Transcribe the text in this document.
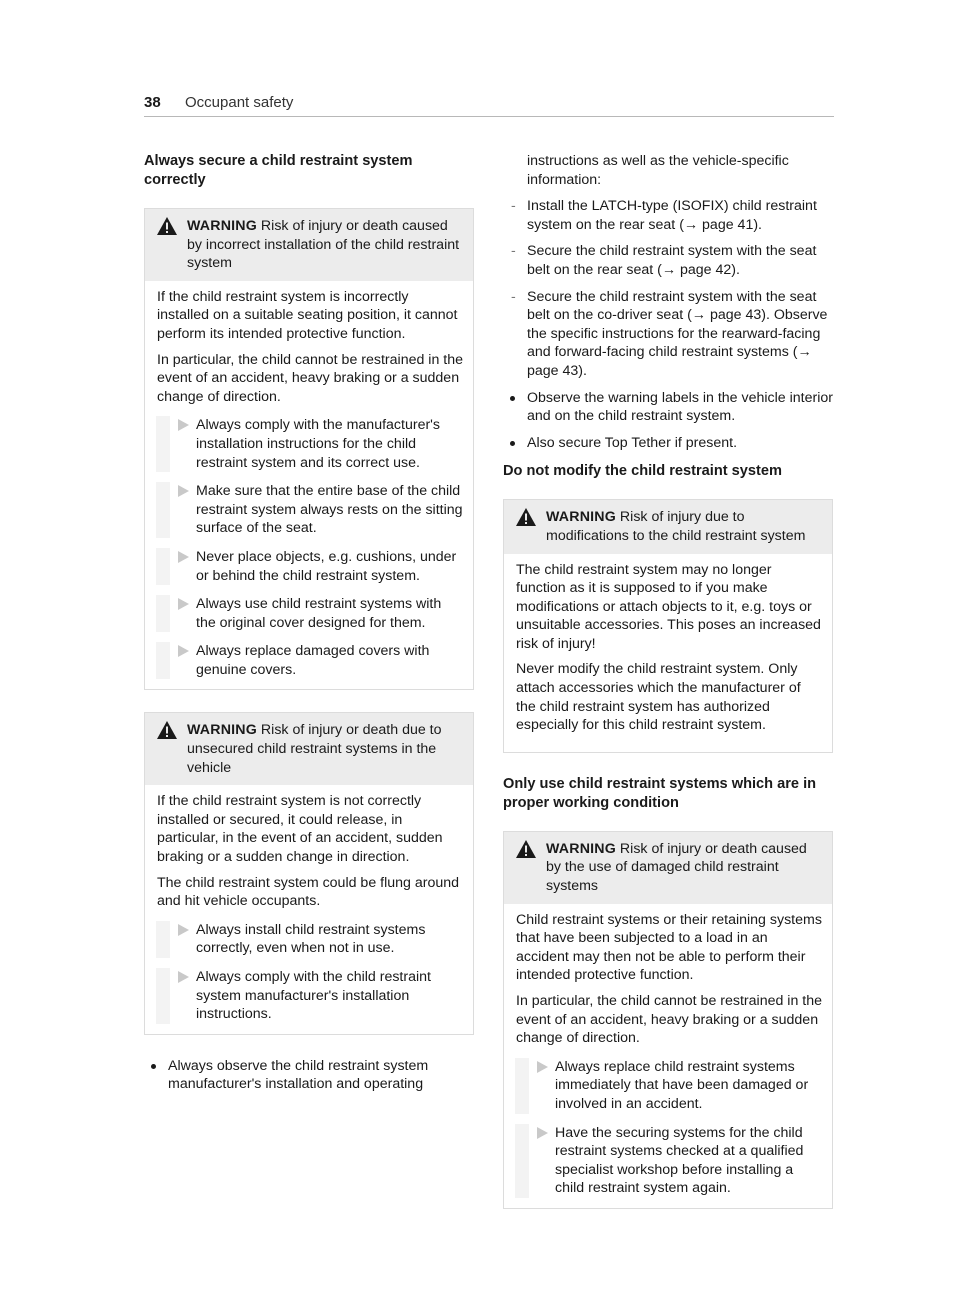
38 Occupant safety
Always secure a child restraint system correctly
WARNING Risk of injury or death caused by incorrect installation of the child restraint system

If the child restraint system is incorrectly installed on a suitable seating position, it cannot perform its intended protective function.

In particular, the child cannot be restrained in the event of an accident, heavy braking or a sudden change of direction.

Always comply with the manufacturer's installation instructions for the child restraint system and its correct use.
Make sure that the entire base of the child restraint system always rests on the sitting surface of the seat.
Never place objects, e.g. cushions, under or behind the child restraint system.
Always use child restraint systems with the original cover designed for them.
Always replace damaged covers with genuine covers.
WARNING Risk of injury or death due to unsecured child restraint systems in the vehicle

If the child restraint system is not correctly installed or secured, it could release, in particular, in the event of an accident, sudden braking or a sudden change in direction.

The child restraint system could be flung around and hit vehicle occupants.

Always install child restraint systems correctly, even when not in use.
Always comply with the child restraint system manufacturer's installation instructions.
Always observe the child restraint system manufacturer's installation and operating

instructions as well as the vehicle-specific information:

- Install the LATCH-type (ISOFIX) child restraint system on the rear seat (→ page 41).
- Secure the child restraint system with the seat belt on the rear seat (→ page 42).
- Secure the child restraint system with the seat belt on the co-driver seat (→ page 43). Observe the specific instructions for the rearward-facing and forward-facing child restraint systems (→ page 43).
Observe the warning labels in the vehicle interior and on the child restraint system.
Also secure Top Tether if present.
Do not modify the child restraint system
WARNING Risk of injury due to modifications to the child restraint system

The child restraint system may no longer function as it is supposed to if you make modifications or attach objects to it, e.g. toys or unsuitable accessories. This poses an increased risk of injury!

Never modify the child restraint system. Only attach accessories which the manufacturer of the child restraint system has authorized especially for this child restraint system.

Only use child restraint systems which are in proper working condition
WARNING Risk of injury or death caused by the use of damaged child restraint systems

Child restraint systems or their retaining systems that have been subjected to a load in an accident may then not be able to perform their intended protective function.

In particular, the child cannot be restrained in the event of an accident, heavy braking or a sudden change of direction.

Always replace child restraint systems immediately that have been damaged or involved in an accident.
Have the securing systems for the child restraint systems checked at a qualified specialist workshop before installing a child restraint system again.
